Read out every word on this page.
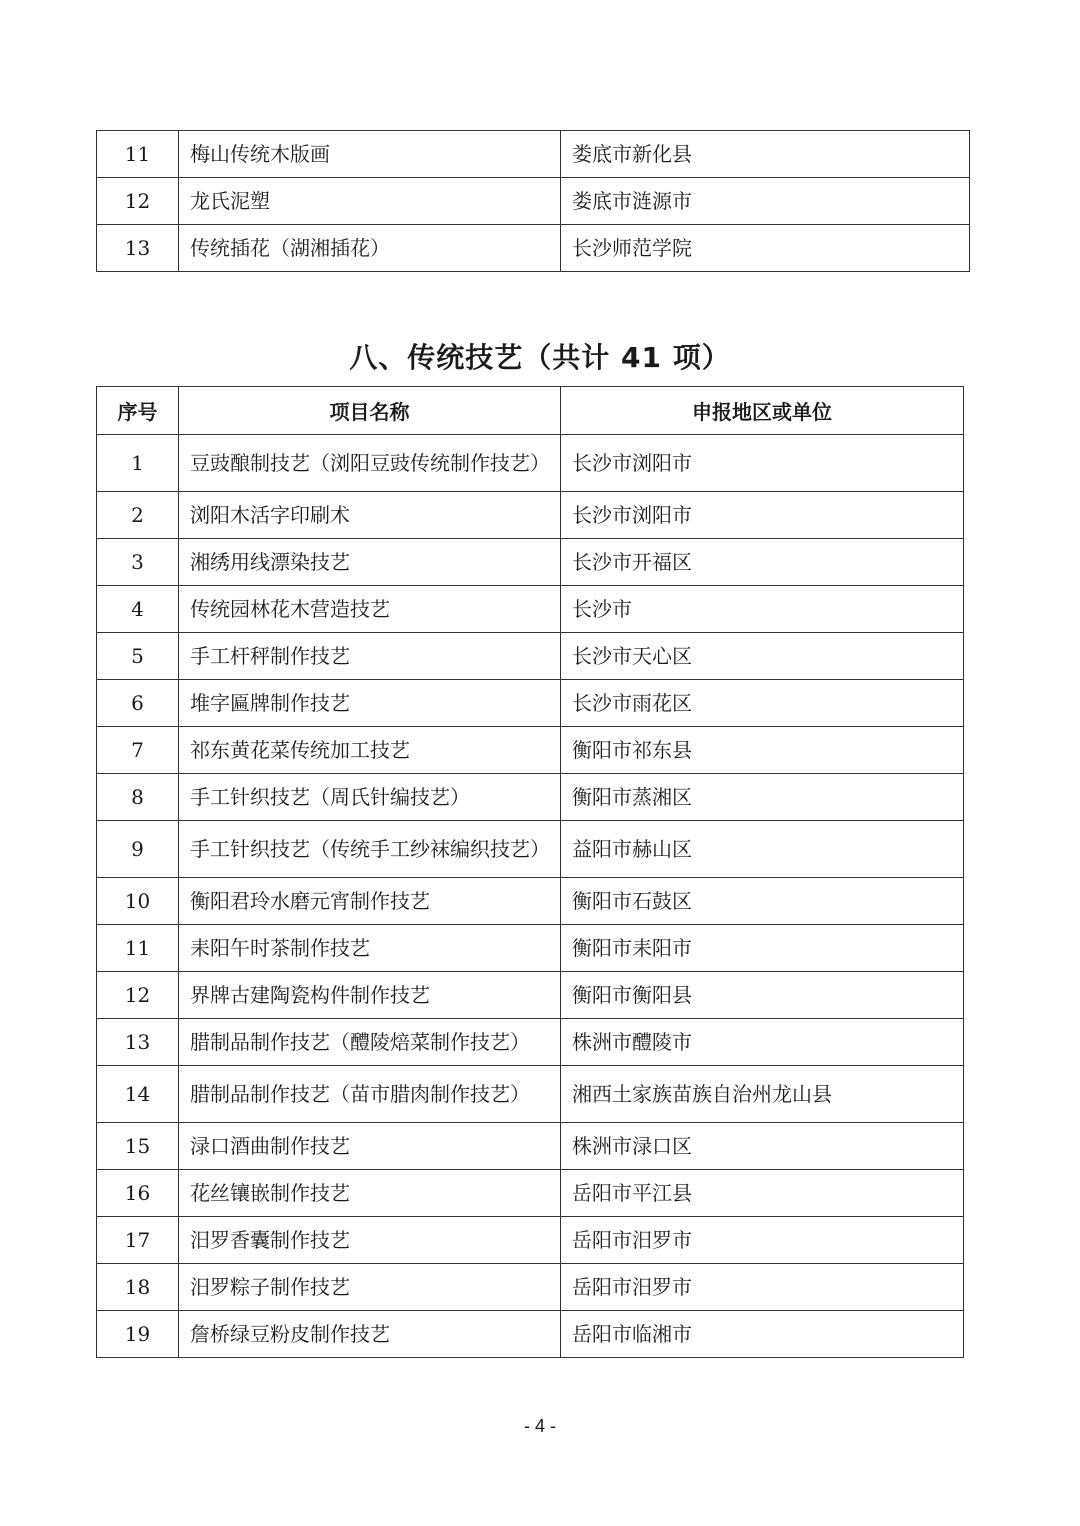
11	梅山传统木版画	娄底市新化县
12	龙氏泥塑	娄底市涟源市
13	传统插花（湖湘插花）	长沙师范学院
八、传统技艺（共计 41 项）
序号	项目名称	申报地区或单位
1	豆豉酿制技艺（浏阳豆豉传统制作技艺）	长沙市浏阳市
2	浏阳木活字印刷术	长沙市浏阳市
3	湘绣用线漂染技艺	长沙市开福区
4	传统园林花木营造技艺	长沙市
5	手工杆秤制作技艺	长沙市天心区
6	堆字匾牌制作技艺	长沙市雨花区
7	祁东黄花菜传统加工技艺	衡阳市祁东县
8	手工针织技艺（周氏针编技艺）	衡阳市蒸湘区
9	手工针织技艺（传统手工纱袜编织技艺）	益阳市赫山区
10	衡阳君玲水磨元宵制作技艺	衡阳市石鼓区
11	耒阳午时茶制作技艺	衡阳市耒阳市
12	界牌古建陶瓷构件制作技艺	衡阳市衡阳县
13	腊制品制作技艺（醴陵焙菜制作技艺）	株洲市醴陵市
14	腊制品制作技艺（苗市腊肉制作技艺）	湘西土家族苗族自治州龙山县
15	渌口酒曲制作技艺	株洲市渌口区
16	花丝镶嵌制作技艺	岳阳市平江县
17	汨罗香囊制作技艺	岳阳市汨罗市
18	汨罗粽子制作技艺	岳阳市汨罗市
19	詹桥绿豆粉皮制作技艺	岳阳市临湘市
- 4 -
